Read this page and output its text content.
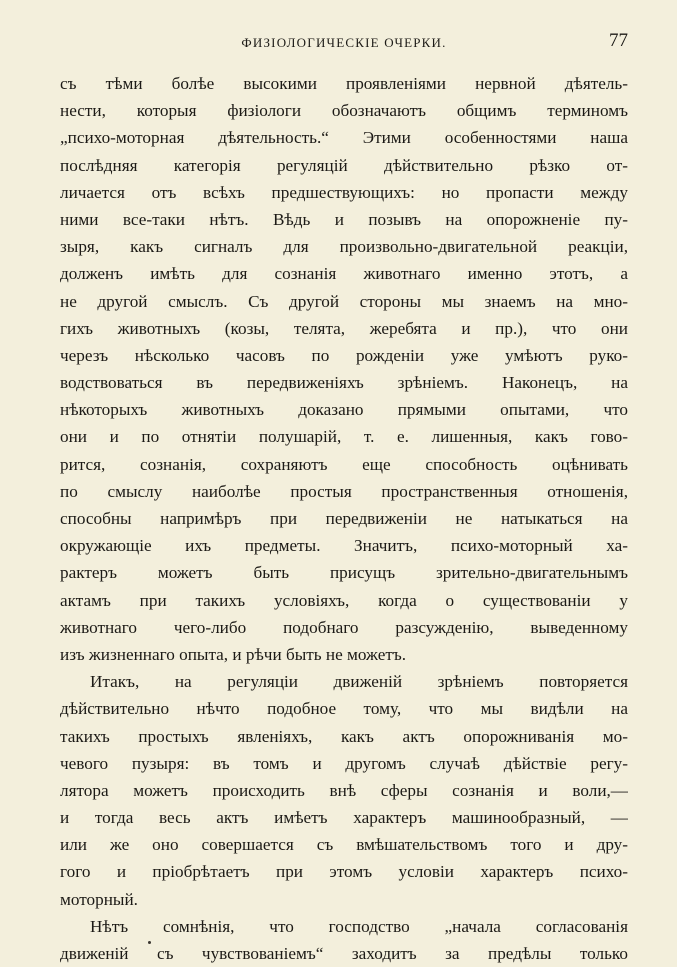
ФИЗІОЛОГИЧЕСКІЕ ОЧЕРКИ.	77
съ тѣми болѣе высокими проявленіями нервной дѣятель-
нести, которыя физіологи обозначаютъ общимъ терминомъ
„психо-моторная дѣятельность.“ Этими особенностями наша
послѣдняя категорія регуляцій дѣйствительно рѣзко от-
личается отъ всѣхъ предшествующихъ: но пропасти между
ними все-таки нѣтъ. Вѣдь и позывъ на опорожненіе пу-
зыря, какъ сигналъ для произвольно-двигательной реакціи,
долженъ имѣть для сознанія животнаго именно этотъ, а
не другой смыслъ. Съ другой стороны мы знаемъ на мно-
гихъ животныхъ (козы, телята, жеребята и пр.), что они
черезъ нѣсколько часовъ по рожденіи уже умѣютъ руко-
водствоваться въ передвиженіяхъ зрѣніемъ. Наконецъ, на
нѣкоторыхъ животныхъ доказано прямыми опытами, что
они и по отнятіи полушарій, т. е. лишенныя, какъ гово-
рится, сознанія, сохраняютъ еще способность оцѣнивать
по смыслу наиболѣе простыя пространственныя отношенія,
способны напримѣръ при передвиженіи не натыкаться на
окружающіе ихъ предметы. Значитъ, психо-моторный ха-
рактеръ можетъ быть присущъ зрительно-двигательнымъ
актамъ при такихъ условіяхъ, когда о существованіи у
животнаго чего-либо подобнаго разсужденію, выведенному
изъ жизненнаго опыта, и рѣчи быть не можетъ.
Итакъ, на регуляціи движеній зрѣніемъ повторяется
дѣйствительно нѣчто подобное тому, что мы видѣли на
такихъ простыхъ явленіяхъ, какъ актъ опорожниванія мо-
чевого пузыря: въ томъ и другомъ случаѣ дѣйствіе регу-
лятора можетъ происходить внѣ сферы сознанія и воли,—
и тогда весь актъ имѣетъ характеръ машинообразный, —
или же оно совершается съ вмѣшательствомъ того и дру-
гого и пріобрѣтаетъ при этомъ условіи характеръ психо-
моторный.
Нѣтъ сомнѣнія, что господство „начала согласованія
движеній съ чувствованіемъ“ заходитъ за предѣлы только
